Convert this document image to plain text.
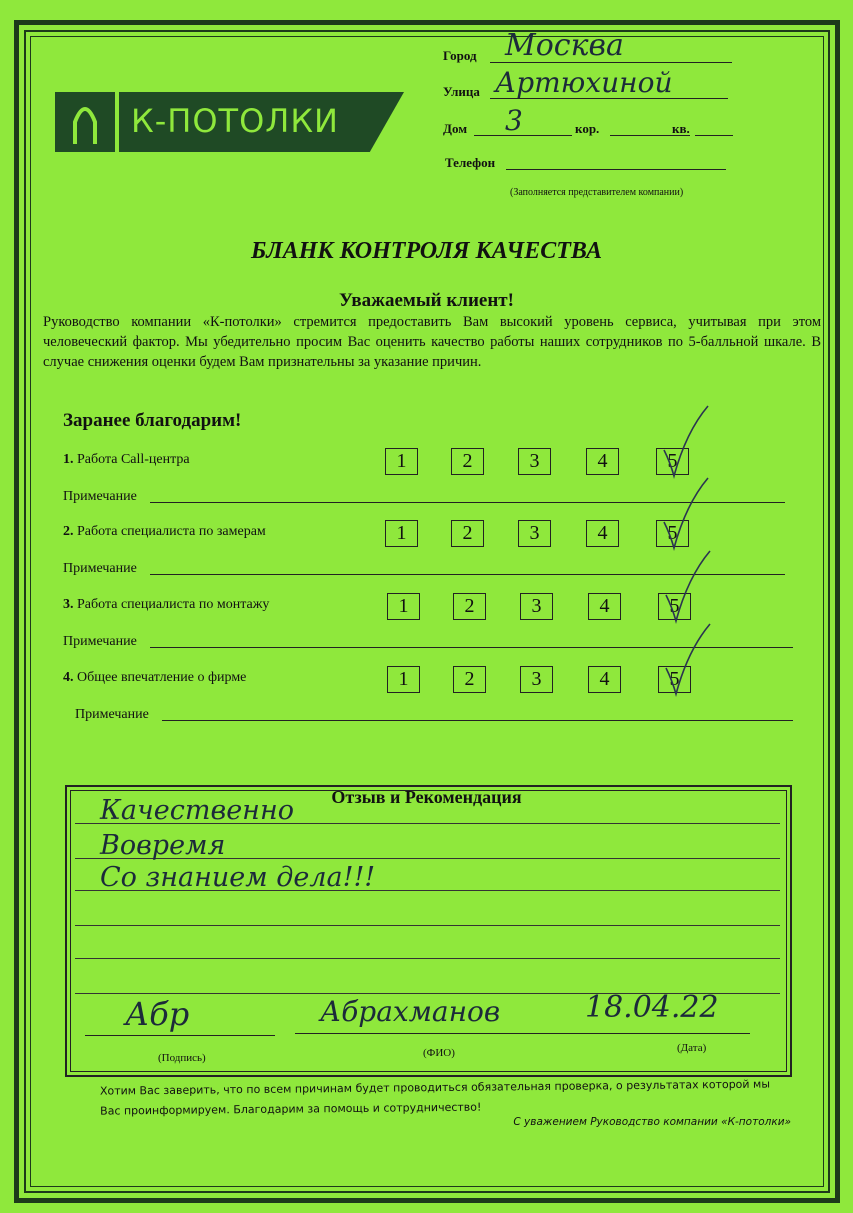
К-ПОТОЛКИ
Город Москва
Улица Артюхиной
Дом 3	кор.	кв.
Телефон
(Заполняется представителем компании)
БЛАНК КОНТРОЛЯ КАЧЕСТВА
Уважаемый клиент!
Руководство компании «К-потолки» стремится предоставить Вам высокий уровень сервиса, учитывая при этом человеческий фактор. Мы убедительно просим Вас оценить качество работы наших сотрудников по 5-балльной шкале. В случае снижения оценки будем Вам признательны за указание причин.
Заранее благодарим!
1. Работа Call-центра	1	2	3	4	5
Примечание
2. Работа специалиста по замерам	1	2	3	4	5
Примечание
3. Работа специалиста по монтажу	1	2	3	4	5
Примечание
4. Общее впечатление о фирме	1	2	3	4	5
Примечание
Отзыв и Рекомендация
Качественно
Вовремя
Со знанием дела!!!
Абр	Абрахманов	18.04.22
(Подпись)	(ФИО)	(Дата)
Хотим Вас заверить, что по всем причинам будет проводиться обязательная проверка, о результатах которой мы Вас проинформируем. Благодарим за помощь и сотрудничество!
С уважением Руководство компании «К-потолки»
